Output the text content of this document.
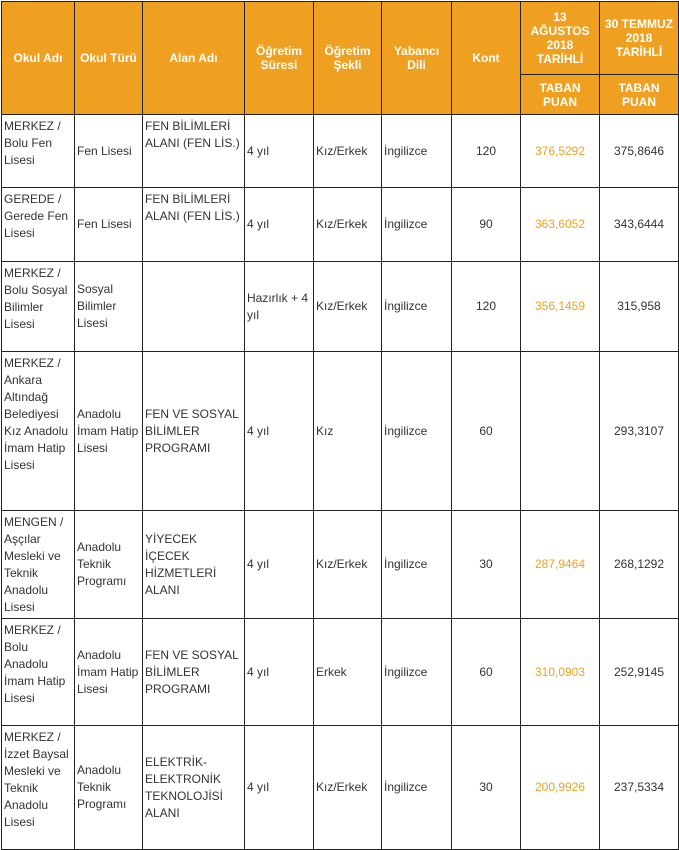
Okul Adı	Okul Türü	Alan Adı	Öğretim Süresi	Öğretim Şekli	Yabancı Dili	Kont	13 AĞUSTOS 2018 TARİHLİ	30 TEMMUZ 2018 TARİHLİ
							TABAN PUAN	TABAN PUAN
MERKEZ / Bolu Fen Lisesi	Fen Lisesi	FEN BİLİMLERİ ALANI (FEN LİS.)	4 yıl	Kız/Erkek	İngilizce	120	376,5292	375,8646
GEREDE / Gerede Fen Lisesi	Fen Lisesi	FEN BİLİMLERİ ALANI (FEN LİS.)	4 yıl	Kız/Erkek	İngilizce	90	363,6052	343,6444
MERKEZ / Bolu Sosyal Bilimler Lisesi	Sosyal Bilimler Lisesi		Hazırlık + 4 yıl	Kız/Erkek	İngilizce	120	356,1459	315,958
MERKEZ / Ankara Altındağ Belediyesi Kız Anadolu İmam Hatip Lisesi	Anadolu İmam Hatip Lisesi	FEN VE SOSYAL BİLİMLER PROGRAMI	4 yıl	Kız	İngilizce	60		293,3107
MENGEN / Aşçılar Mesleki ve Teknik Anadolu Lisesi	Anadolu Teknik Programı	YİYECEK İÇECEK HİZMETLERİ ALANI	4 yıl	Kız/Erkek	İngilizce	30	287,9464	268,1292
MERKEZ / Bolu Anadolu İmam Hatip Lisesi	Anadolu İmam Hatip Lisesi	FEN VE SOSYAL BİLİMLER PROGRAMI	4 yıl	Erkek	İngilizce	60	310,0903	252,9145
MERKEZ / İzzet Baysal Mesleki ve Teknik Anadolu Lisesi	Anadolu Teknik Programı	ELEKTRİK-ELEKTRONİK TEKNOLOJİSİ ALANI	4 yıl	Kız/Erkek	İngilizce	30	200,9926	237,5334
